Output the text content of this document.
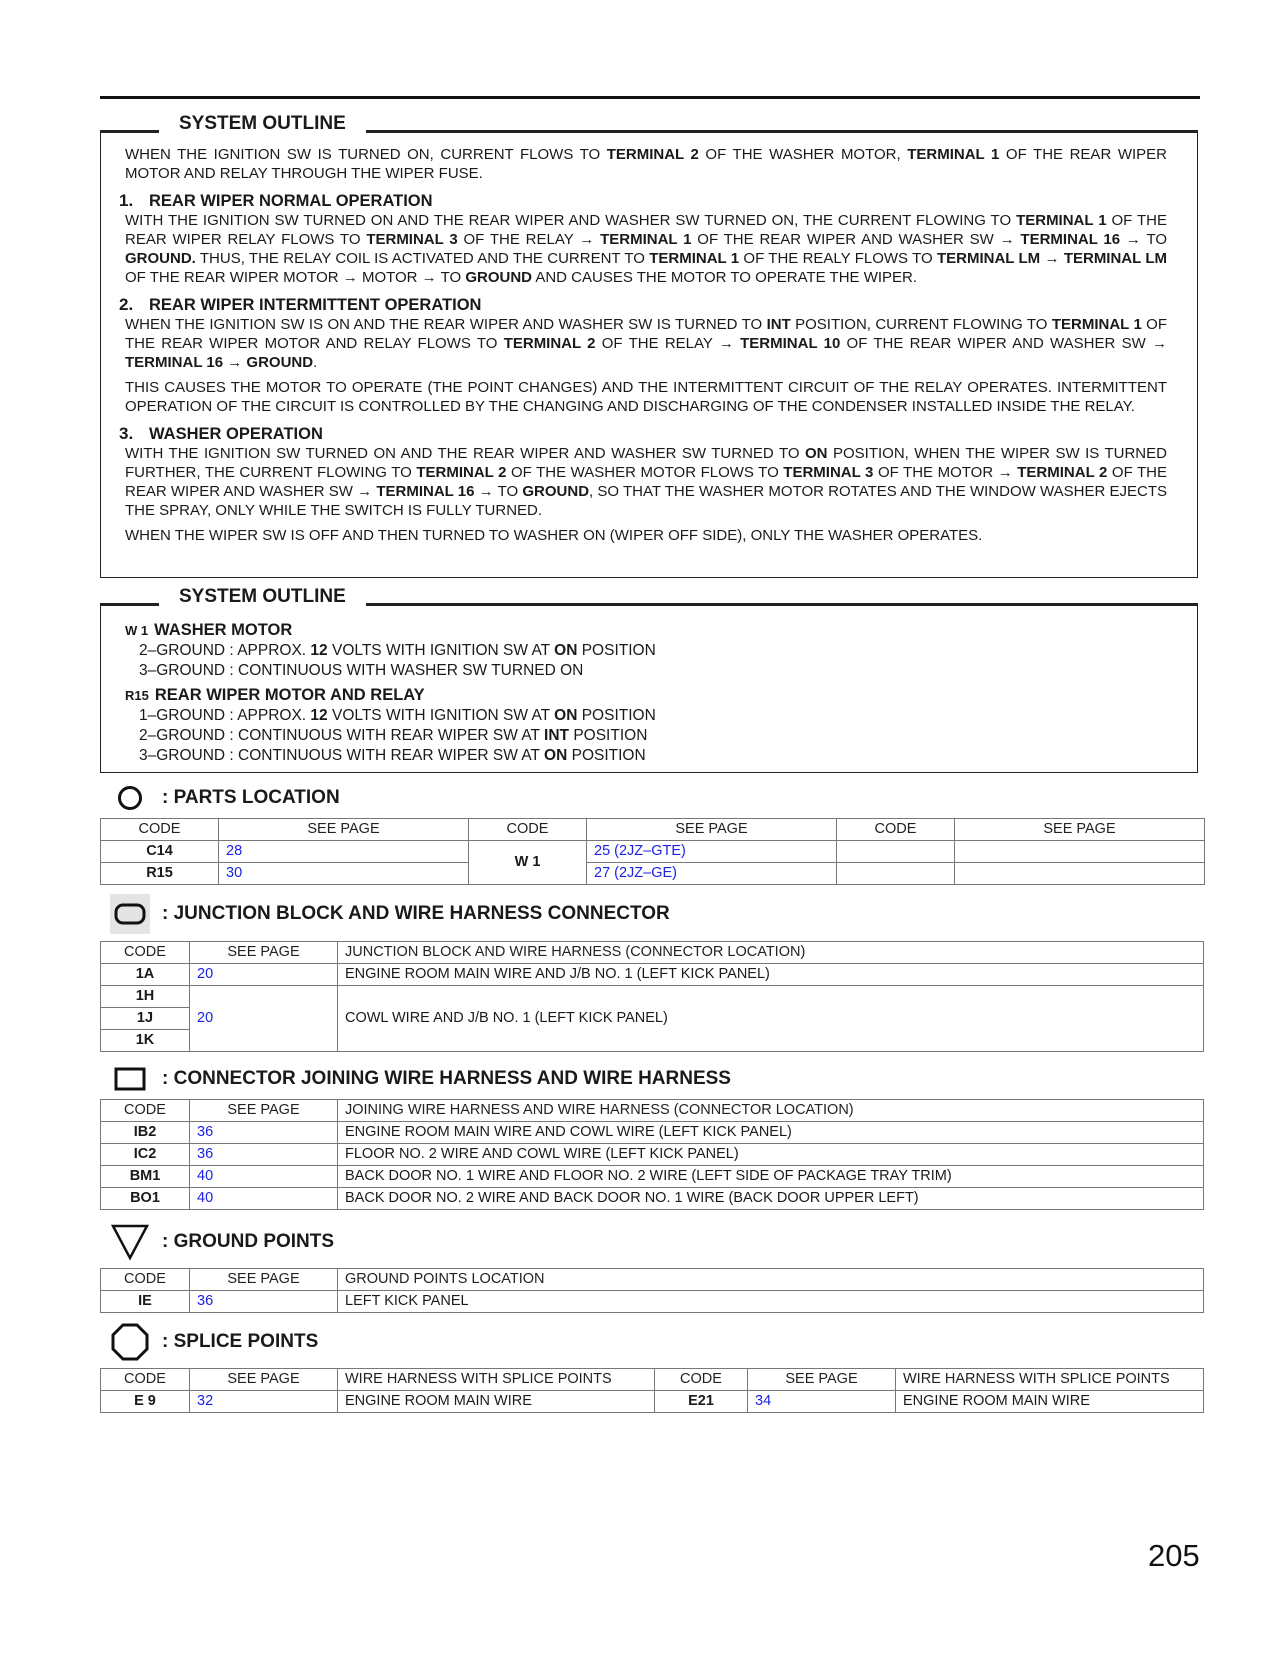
SYSTEM OUTLINE

WHEN THE IGNITION SW IS TURNED ON, CURRENT FLOWS TO TERMINAL 2 OF THE WASHER MOTOR, TERMINAL 1 OF THE REAR WIPER MOTOR AND RELAY THROUGH THE WIPER FUSE.

1. REAR WIPER NORMAL OPERATION

WITH THE IGNITION SW TURNED ON AND THE REAR WIPER AND WASHER SW TURNED ON, THE CURRENT FLOWING TO TERMINAL 1 OF THE REAR WIPER RELAY FLOWS TO TERMINAL 3 OF THE RELAY → TERMINAL 1 OF THE REAR WIPER AND WASHER SW → TERMINAL 16 → TO GROUND. THUS, THE RELAY COIL IS ACTIVATED AND THE CURRENT TO TERMINAL 1 OF THE REALY FLOWS TO TERMINAL LM → TERMINAL LM OF THE REAR WIPER MOTOR → MOTOR → TO GROUND AND CAUSES THE MOTOR TO OPERATE THE WIPER.

2. REAR WIPER INTERMITTENT OPERATION

WHEN THE IGNITION SW IS ON AND THE REAR WIPER AND WASHER SW IS TURNED TO INT POSITION, CURRENT FLOWING TO TERMINAL 1 OF THE REAR WIPER MOTOR AND RELAY FLOWS TO TERMINAL 2 OF THE RELAY → TERMINAL 10 OF THE REAR WIPER AND WASHER SW → TERMINAL 16 → GROUND.

THIS CAUSES THE MOTOR TO OPERATE (THE POINT CHANGES) AND THE INTERMITTENT CIRCUIT OF THE RELAY OPERATES. INTERMITTENT OPERATION OF THE CIRCUIT IS CONTROLLED BY THE CHANGING AND DISCHARGING OF THE CONDENSER INSTALLED INSIDE THE RELAY.

3. WASHER OPERATION

WITH THE IGNITION SW TURNED ON AND THE REAR WIPER AND WASHER SW TURNED TO ON POSITION, WHEN THE WIPER SW IS TURNED FURTHER, THE CURRENT FLOWING TO TERMINAL 2 OF THE WASHER MOTOR FLOWS TO TERMINAL 3 OF THE MOTOR → TERMINAL 2 OF THE REAR WIPER AND WASHER SW → TERMINAL 16 → TO GROUND, SO THAT THE WASHER MOTOR ROTATES AND THE WINDOW WASHER EJECTS THE SPRAY, ONLY WHILE THE SWITCH IS FULLY TURNED.

WHEN THE WIPER SW IS OFF AND THEN TURNED TO WASHER ON (WIPER OFF SIDE), ONLY THE WASHER OPERATES.

SYSTEM OUTLINE

W 1 WASHER MOTOR

2–GROUND : APPROX. 12 VOLTS WITH IGNITION SW AT ON POSITION

3–GROUND : CONTINUOUS WITH WASHER SW TURNED ON

R15 REAR WIPER MOTOR AND RELAY

1–GROUND : APPROX. 12 VOLTS WITH IGNITION SW AT ON POSITION

2–GROUND : CONTINUOUS WITH REAR WIPER SW AT INT POSITION

3–GROUND : CONTINUOUS WITH REAR WIPER SW AT ON POSITION

: PARTS LOCATION
CODE	SEE PAGE	CODE	SEE PAGE	CODE	SEE PAGE
C14	28	W 1	25 (2JZ–GTE)		
R15	30		27 (2JZ–GE)		
: JUNCTION BLOCK AND WIRE HARNESS CONNECTOR
CODE	SEE PAGE	JUNCTION BLOCK AND WIRE HARNESS (CONNECTOR LOCATION)
1A	20	ENGINE ROOM MAIN WIRE AND J/B NO. 1 (LEFT KICK PANEL)
1H	20	COWL WIRE AND J/B NO. 1 (LEFT KICK PANEL)
1J		
1K		
: CONNECTOR JOINING WIRE HARNESS AND WIRE HARNESS
CODE	SEE PAGE	JOINING WIRE HARNESS AND WIRE HARNESS (CONNECTOR LOCATION)
IB2	36	ENGINE ROOM MAIN WIRE AND COWL WIRE (LEFT KICK PANEL)
IC2	36	FLOOR NO. 2 WIRE AND COWL WIRE (LEFT KICK PANEL)
BM1	40	BACK DOOR NO. 1 WIRE AND FLOOR NO. 2 WIRE (LEFT SIDE OF PACKAGE TRAY TRIM)
BO1	40	BACK DOOR NO. 2 WIRE AND BACK DOOR NO. 1 WIRE (BACK DOOR UPPER LEFT)
: GROUND POINTS
CODE	SEE PAGE	GROUND POINTS LOCATION
IE	36	LEFT KICK PANEL
: SPLICE POINTS
CODE	SEE PAGE	WIRE HARNESS WITH SPLICE POINTS	CODE	SEE PAGE	WIRE HARNESS WITH SPLICE POINTS
E 9	32	ENGINE ROOM MAIN WIRE	E21	34	ENGINE ROOM MAIN WIRE
205
